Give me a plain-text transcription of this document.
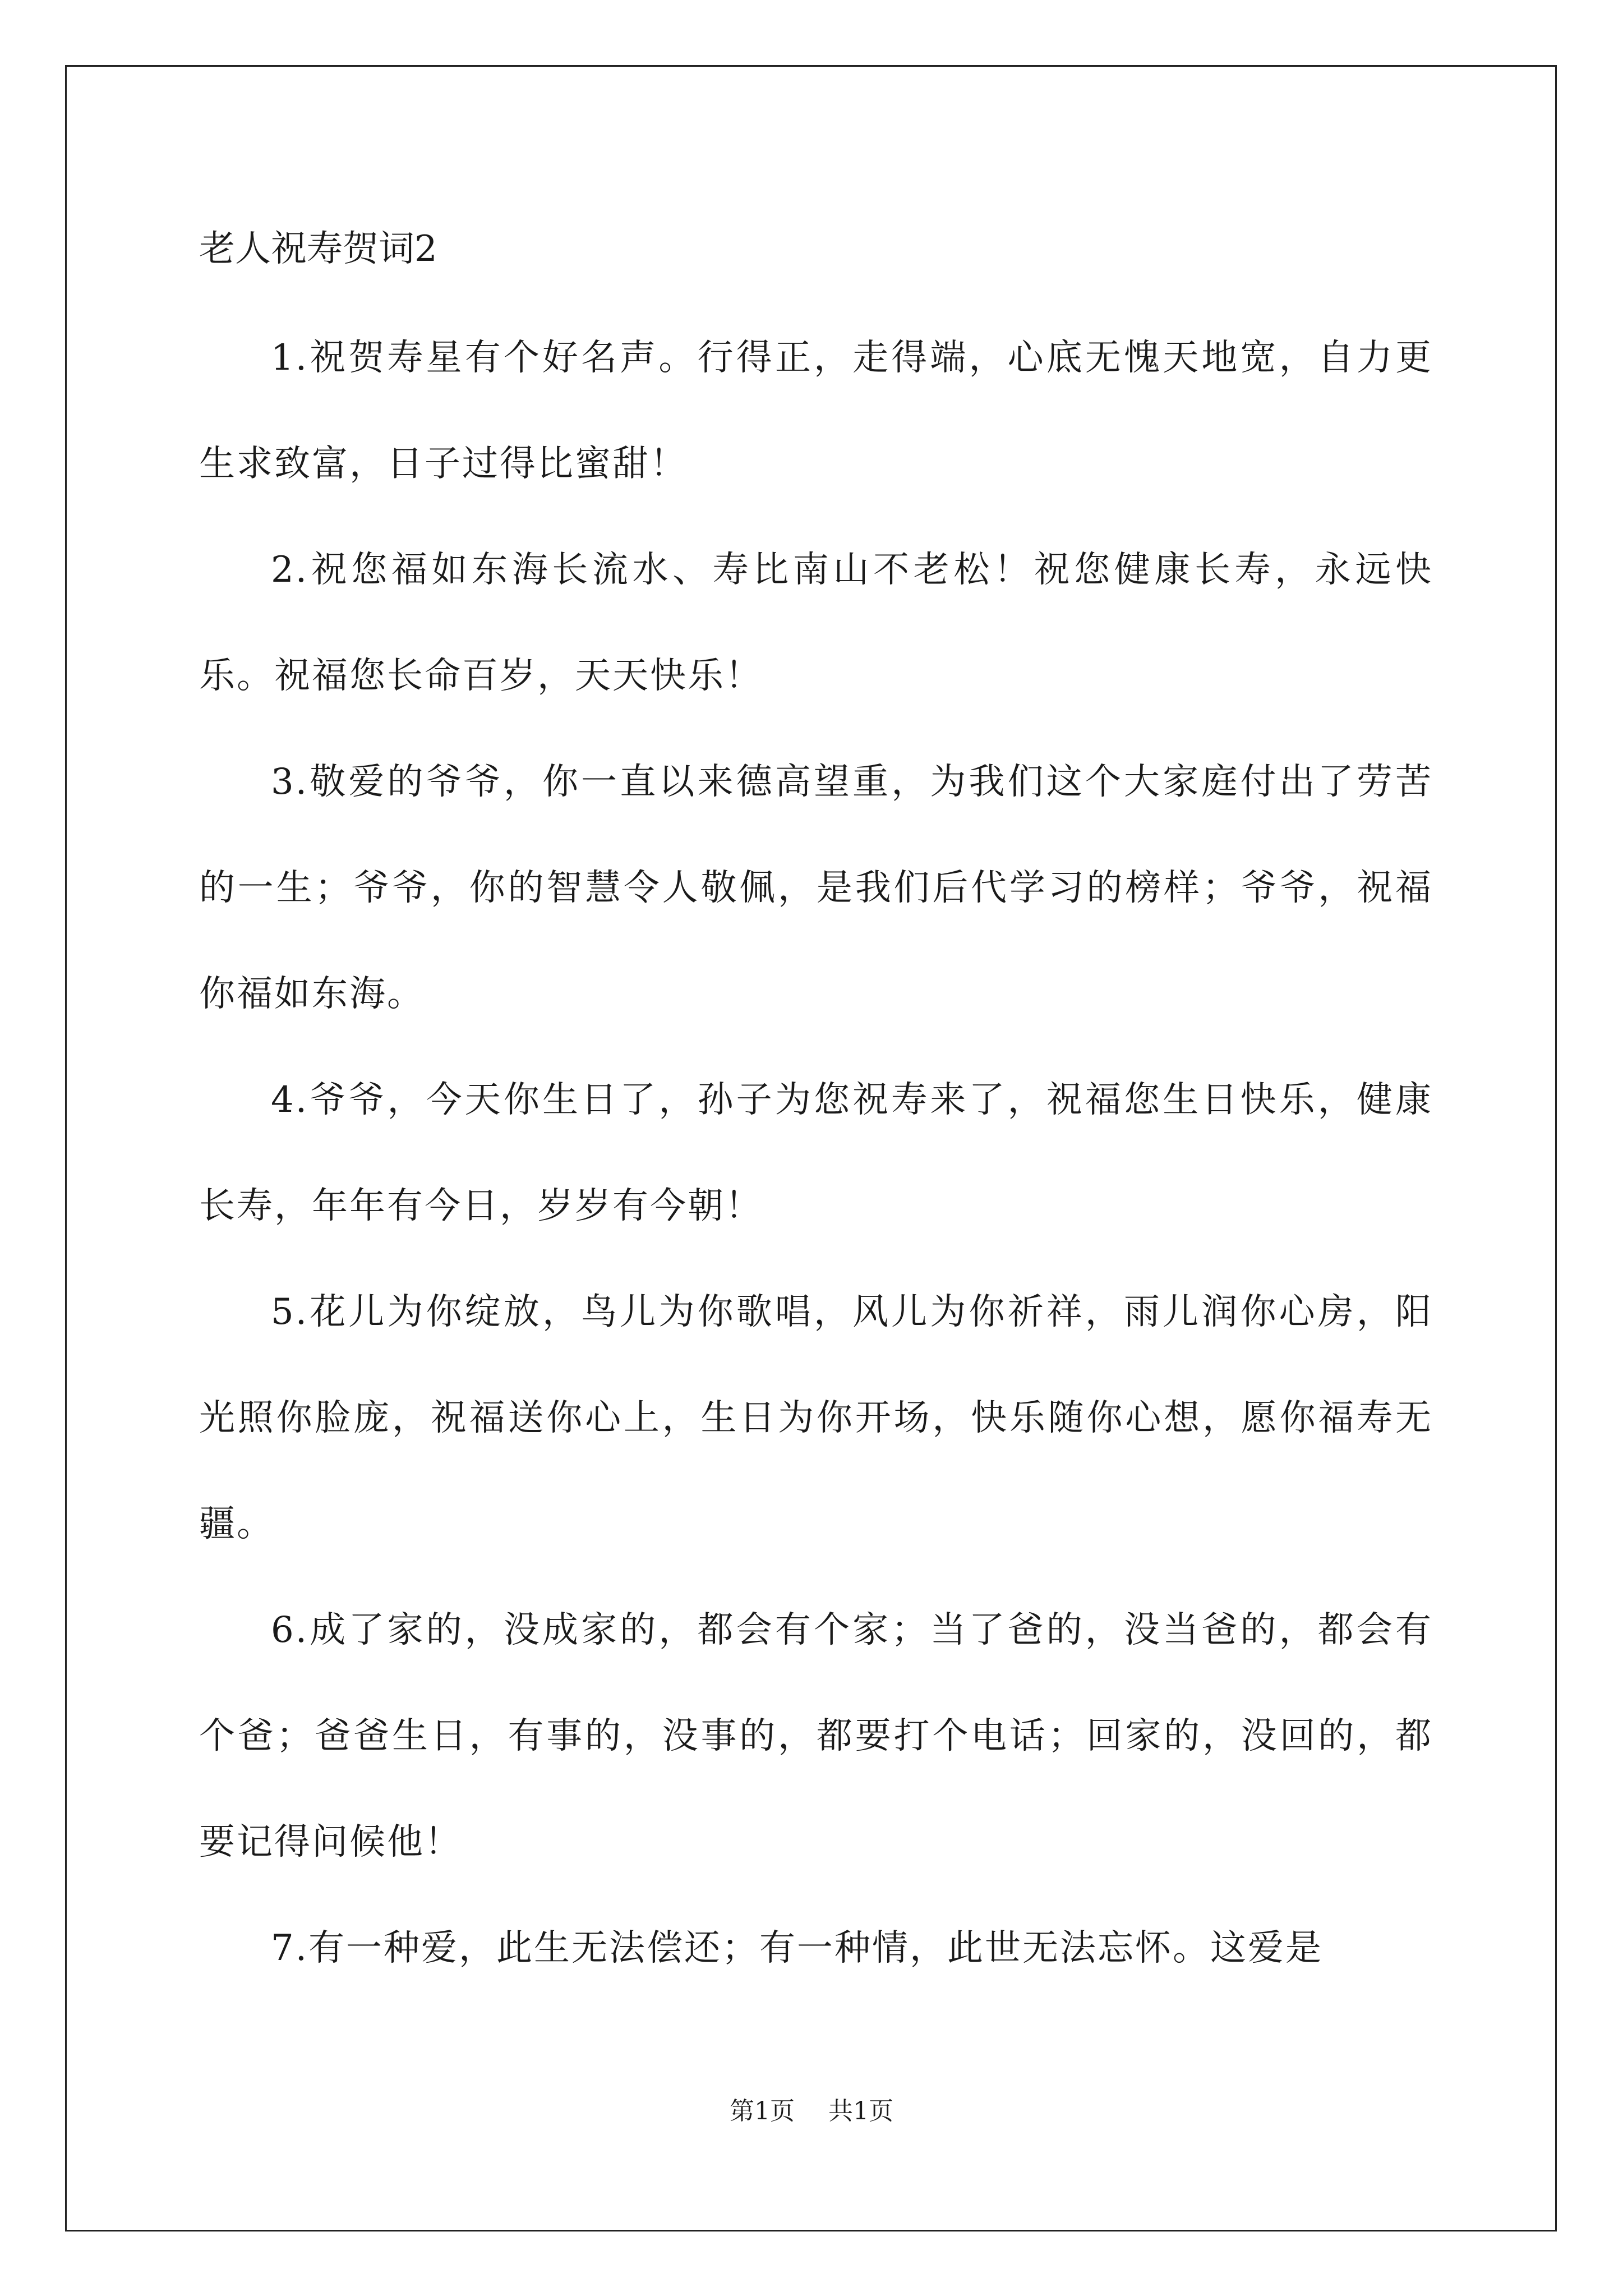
老人祝寿贺词2

1.祝贺寿星有个好名声。行得正，走得端，心底无愧天地宽，自力更生求致富，日子过得比蜜甜！

2.祝您福如东海长流水、寿比南山不老松！祝您健康长寿，永远快乐。祝福您长命百岁，天天快乐！

3.敬爱的爷爷，你一直以来德高望重，为我们这个大家庭付出了劳苦的一生；爷爷，你的智慧令人敬佩，是我们后代学习的榜样；爷爷，祝福你福如东海。

4.爷爷，今天你生日了，孙子为您祝寿来了，祝福您生日快乐，健康长寿，年年有今日，岁岁有今朝！

5.花儿为你绽放，鸟儿为你歌唱，风儿为你祈祥，雨儿润你心房，阳光照你脸庞，祝福送你心上，生日为你开场，快乐随你心想，愿你福寿无疆。

6.成了家的，没成家的，都会有个家；当了爸的，没当爸的，都会有个爸；爸爸生日，有事的，没事的，都要打个电话；回家的，没回的，都要记得问候他！

7.有一种爱，此生无法偿还；有一种情，此世无法忘怀。这爱是

第1页 共1页
